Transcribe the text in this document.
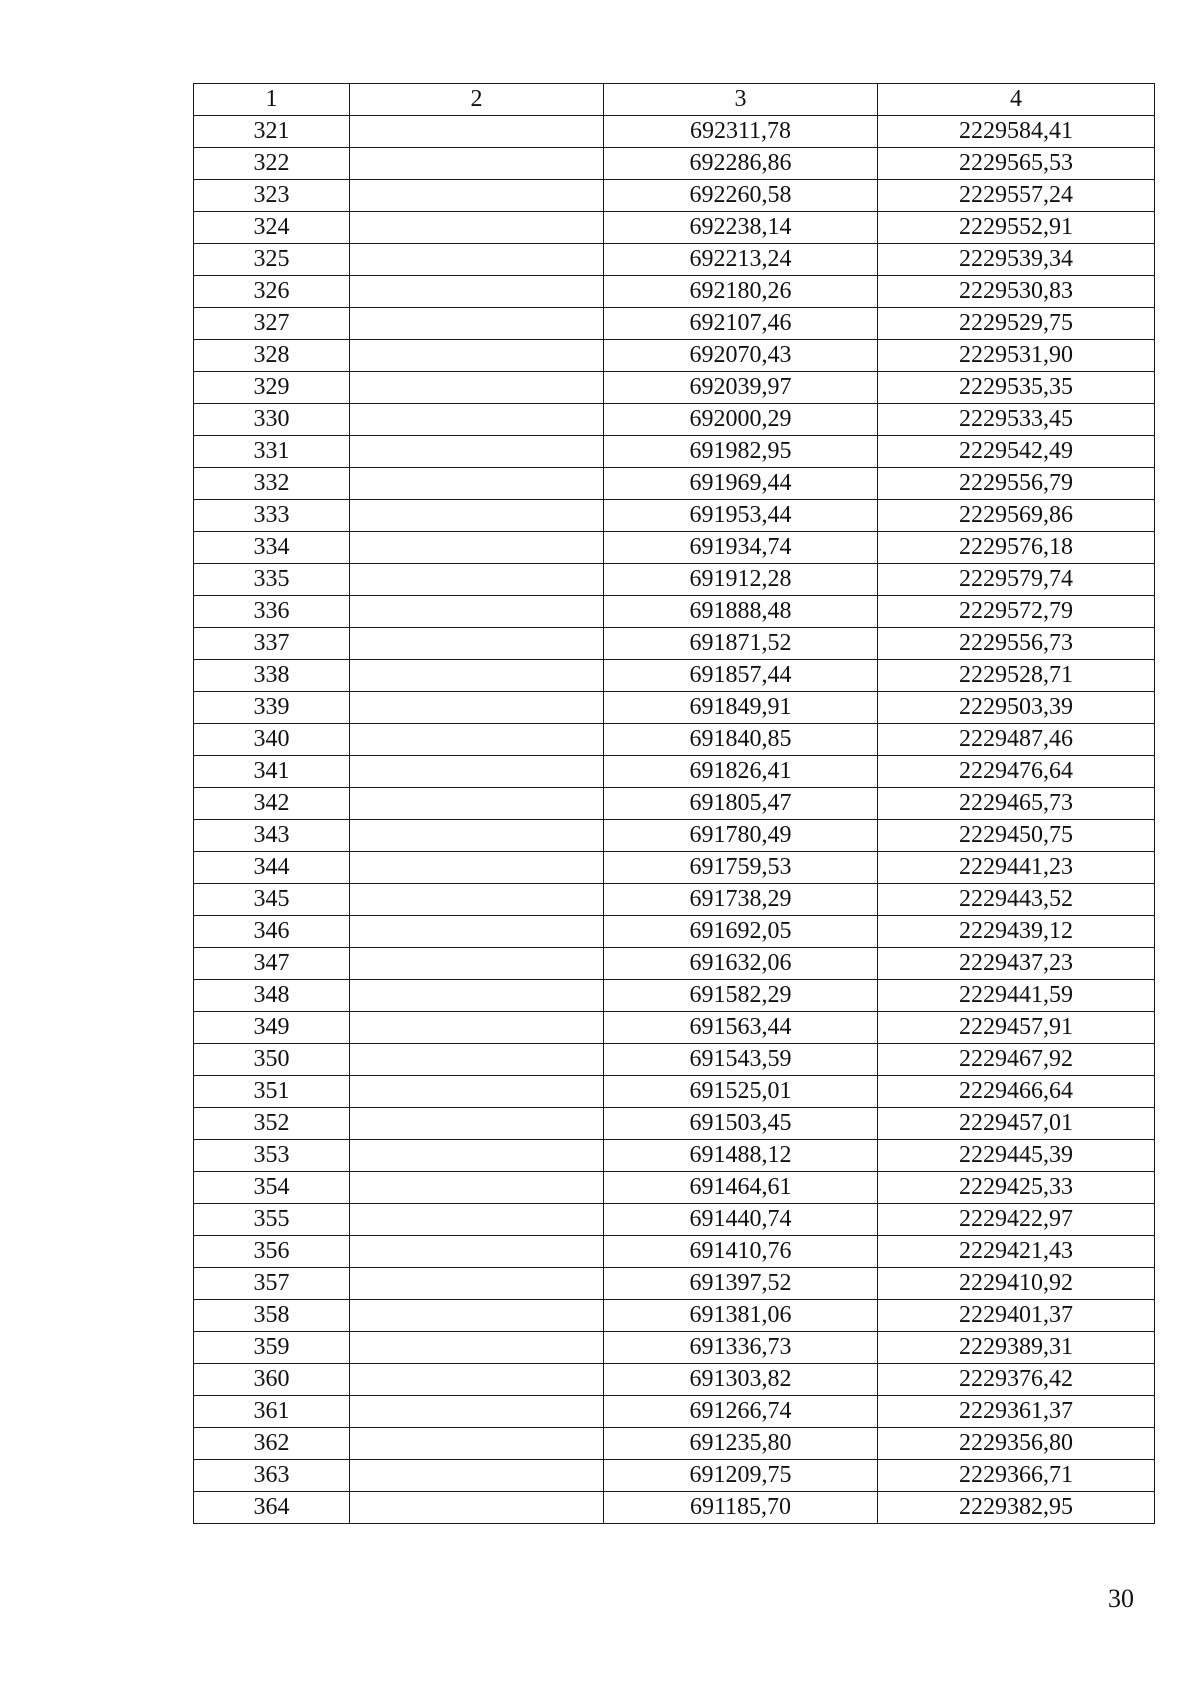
1	2	3	4
321		692311,78	2229584,41
322		692286,86	2229565,53
323		692260,58	2229557,24
324		692238,14	2229552,91
325		692213,24	2229539,34
326		692180,26	2229530,83
327		692107,46	2229529,75
328		692070,43	2229531,90
329		692039,97	2229535,35
330		692000,29	2229533,45
331		691982,95	2229542,49
332		691969,44	2229556,79
333		691953,44	2229569,86
334		691934,74	2229576,18
335		691912,28	2229579,74
336		691888,48	2229572,79
337		691871,52	2229556,73
338		691857,44	2229528,71
339		691849,91	2229503,39
340		691840,85	2229487,46
341		691826,41	2229476,64
342		691805,47	2229465,73
343		691780,49	2229450,75
344		691759,53	2229441,23
345		691738,29	2229443,52
346		691692,05	2229439,12
347		691632,06	2229437,23
348		691582,29	2229441,59
349		691563,44	2229457,91
350		691543,59	2229467,92
351		691525,01	2229466,64
352		691503,45	2229457,01
353		691488,12	2229445,39
354		691464,61	2229425,33
355		691440,74	2229422,97
356		691410,76	2229421,43
357		691397,52	2229410,92
358		691381,06	2229401,37
359		691336,73	2229389,31
360		691303,82	2229376,42
361		691266,74	2229361,37
362		691235,80	2229356,80
363		691209,75	2229366,71
364		691185,70	2229382,95
30
